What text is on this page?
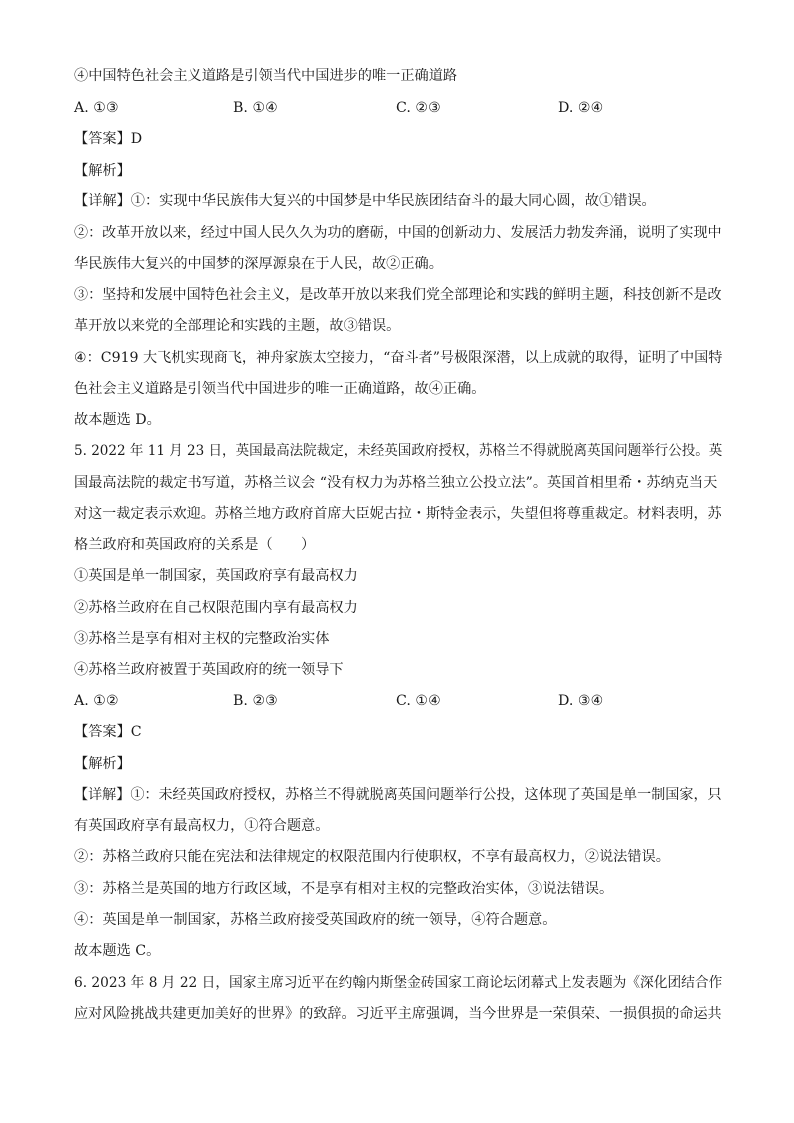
④中国特色社会主义道路是引领当代中国进步的唯一正确道路
A. ①③	B. ①④	C. ②③	D. ②④
【答案】D
【解析】
【详解】①：实现中华民族伟大复兴的中国梦是中华民族团结奋斗的最大同心圆，故①错误。
②：改革开放以来，经过中国人民久久为功的磨砺，中国的创新动力、发展活力勃发奔涌，说明了实现中
华民族伟大复兴的中国梦的深厚源泉在于人民，故②正确。
③：坚持和发展中国特色社会主义，是改革开放以来我们党全部理论和实践的鲜明主题，科技创新不是改
革开放以来党的全部理论和实践的主题，故③错误。
④：C919 大飞机实现商飞，神舟家族太空接力，“奋斗者”号极限深潜，以上成就的取得，证明了中国特
色社会主义道路是引领当代中国进步的唯一正确道路，故④正确。
故本题选 D。
5. 2022 年 11 月 23 日，英国最高法院裁定，未经英国政府授权，苏格兰不得就脱离英国问题举行公投。英
国最高法院的裁定书写道，苏格兰议会 “没有权力为苏格兰独立公投立法”。英国首相里希・苏纳克当天
对这一裁定表示欢迎。苏格兰地方政府首席大臣妮古拉・斯特金表示，失望但将尊重裁定。材料表明，苏
格兰政府和英国政府的关系是（　　）
①英国是单一制国家，英国政府享有最高权力
②苏格兰政府在自己权限范围内享有最高权力
③苏格兰是享有相对主权的完整政治实体
④苏格兰政府被置于英国政府的统一领导下
A. ①②	B. ②③	C. ①④	D. ③④
【答案】C
【解析】
【详解】①：未经英国政府授权，苏格兰不得就脱离英国问题举行公投，这体现了英国是单一制国家，只
有英国政府享有最高权力，①符合题意。
②：苏格兰政府只能在宪法和法律规定的权限范围内行使职权，不享有最高权力，②说法错误。
③：苏格兰是英国的地方行政区域，不是享有相对主权的完整政治实体，③说法错误。
④：英国是单一制国家，苏格兰政府接受英国政府的统一领导，④符合题意。
故本题选 C。
6. 2023 年 8 月 22 日，国家主席习近平在约翰内斯堡金砖国家工商论坛闭幕式上发表题为《深化团结合作
应对风险挑战共建更加美好的世界》的致辞。习近平主席强调，当今世界是一荣俱荣、一损俱损的命运共
